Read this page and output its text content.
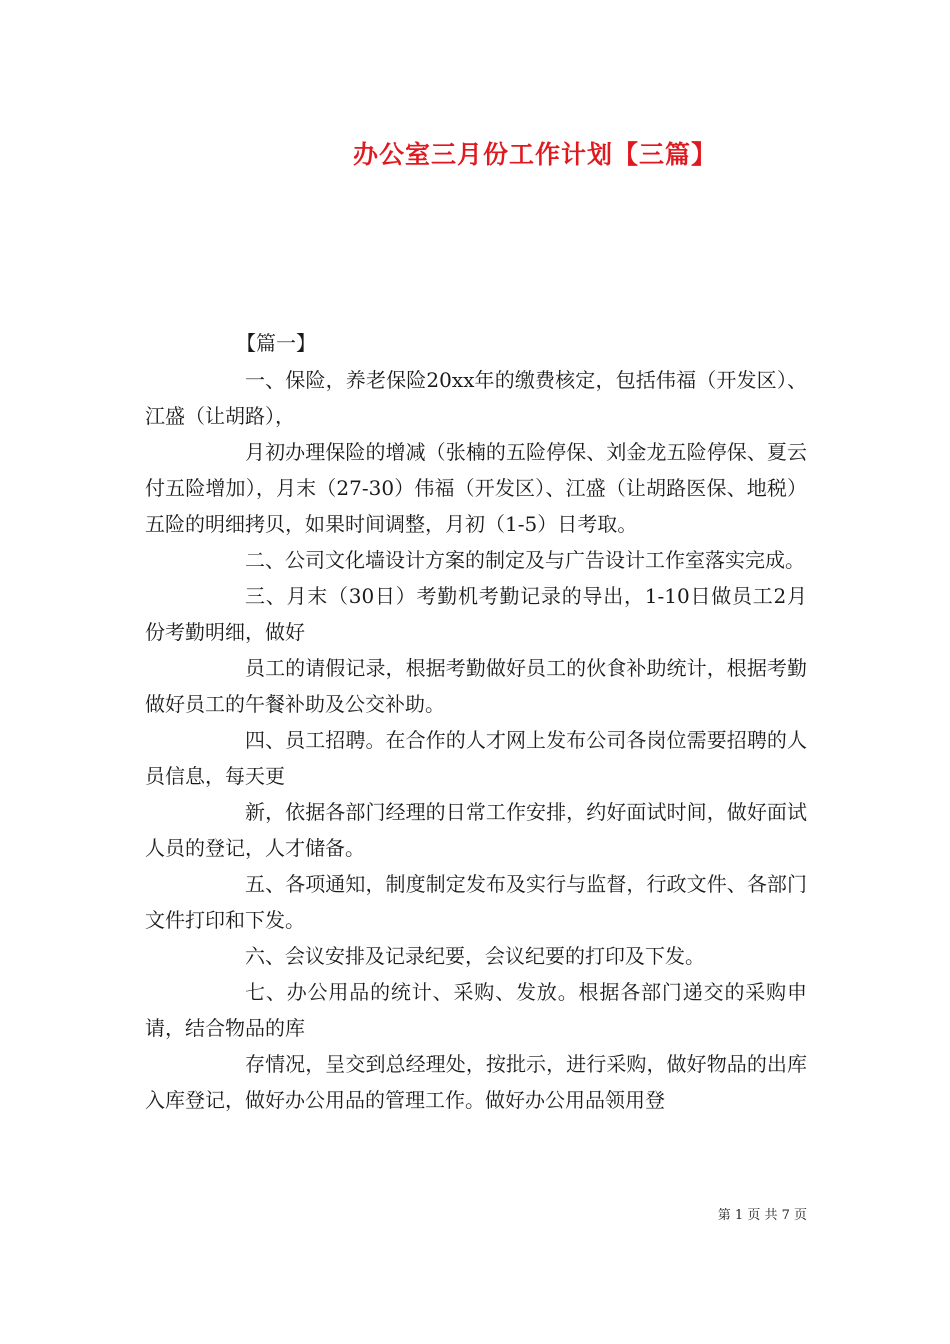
办公室三月份工作计划【三篇】
【篇一】

一、保险，养老保险20xx年的缴费核定，包括伟福（开发区）、江盛（让胡路），

月初办理保险的增减（张楠的五险停保、刘金龙五险停保、夏云付五险增加），月末（27-30）伟福（开发区）、江盛（让胡路医保、地税）五险的明细拷贝，如果时间调整，月初（1-5）日考取。

二、公司文化墙设计方案的制定及与广告设计工作室落实完成。

三、月末（30日）考勤机考勤记录的导出，1-10日做员工2月份考勤明细，做好

员工的请假记录，根据考勤做好员工的伙食补助统计，根据考勤做好员工的午餐补助及公交补助。

四、员工招聘。在合作的人才网上发布公司各岗位需要招聘的人员信息，每天更

新，依据各部门经理的日常工作安排，约好面试时间，做好面试人员的登记，人才储备。

五、各项通知，制度制定发布及实行与监督，行政文件、各部门文件打印和下发。

六、会议安排及记录纪要，会议纪要的打印及下发。

七、办公用品的统计、采购、发放。根据各部门递交的采购申请，结合物品的库

存情况，呈交到总经理处，按批示，进行采购，做好物品的出库入库登记，做好办公用品的管理工作。做好办公用品领用登

第 1 页 共 7 页
